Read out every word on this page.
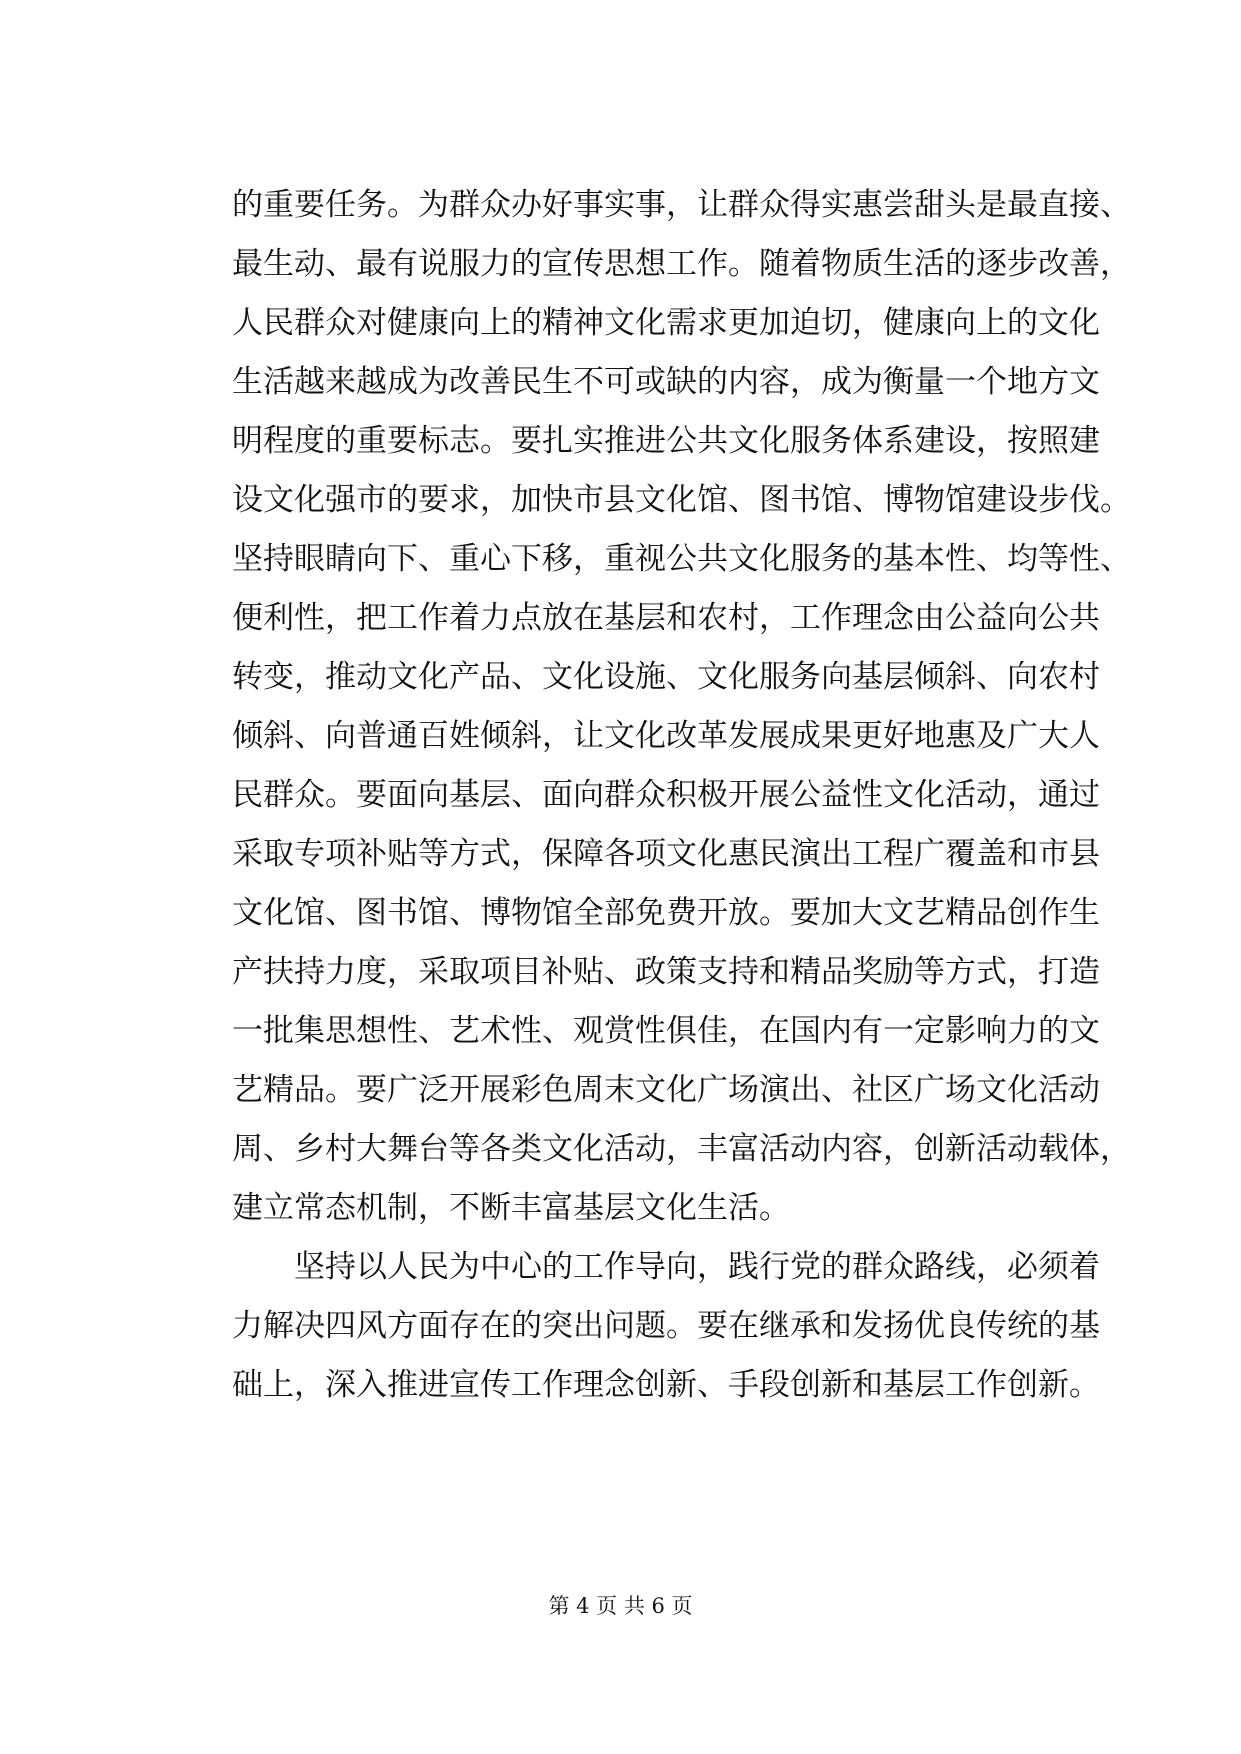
的重要任务。为群众办好事实事，让群众得实惠尝甜头是最直接、
最生动、最有说服力的宣传思想工作。随着物质生活的逐步改善，
人民群众对健康向上的精神文化需求更加迫切，健康向上的文化
生活越来越成为改善民生不可或缺的内容，成为衡量一个地方文
明程度的重要标志。要扎实推进公共文化服务体系建设，按照建
设文化强市的要求，加快市县文化馆、图书馆、博物馆建设步伐。
坚持眼睛向下、重心下移，重视公共文化服务的基本性、均等性、
便利性，把工作着力点放在基层和农村，工作理念由公益向公共
转变，推动文化产品、文化设施、文化服务向基层倾斜、向农村
倾斜、向普通百姓倾斜，让文化改革发展成果更好地惠及广大人
民群众。要面向基层、面向群众积极开展公益性文化活动，通过
采取专项补贴等方式，保障各项文化惠民演出工程广覆盖和市县
文化馆、图书馆、博物馆全部免费开放。要加大文艺精品创作生
产扶持力度，采取项目补贴、政策支持和精品奖励等方式，打造
一批集思想性、艺术性、观赏性俱佳，在国内有一定影响力的文
艺精品。要广泛开展彩色周末文化广场演出、社区广场文化活动
周、乡村大舞台等各类文化活动，丰富活动内容，创新活动载体，
建立常态机制，不断丰富基层文化生活。
坚持以人民为中心的工作导向，践行党的群众路线，必须着
力解决四风方面存在的突出问题。要在继承和发扬优良传统的基
础上，深入推进宣传工作理念创新、手段创新和基层工作创新。
第 4 页 共 6 页
